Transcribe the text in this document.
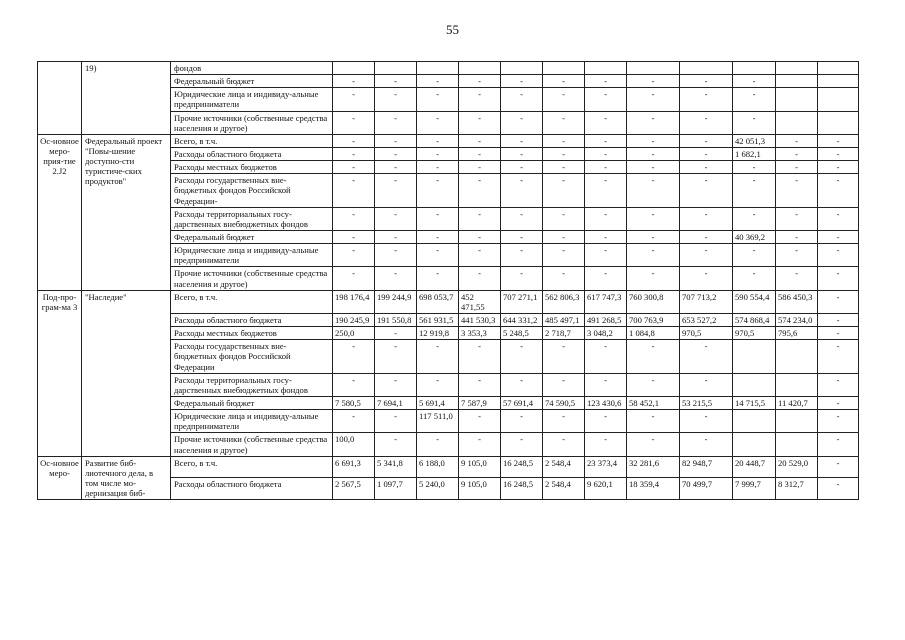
55
	19)	фондов													
		Федеральный бюджет	-	-	-	-	-	-	-	-	-	-			
		Юридические лица и индивиду-альные предприниматели	-	-	-	-	-	-	-	-	-	-			
		Прочие источники (собственные средства населения и другое)	-	-	-	-	-	-	-	-	-	-			
Ос-новное меро-прия-тие 2.J2	Федеральный проект "Повы-шение доступно-сти туристиче-ских продуктов"	Всего, в т.ч.	-	-	-	-	-	-	-	-	-	42 051,3	-	-	
		Расходы областного бюджета	-	-	-	-	-	-	-	-	-	1 682,1	-	-	
		Расходы местных бюджетов	-	-	-	-	-	-	-	-	-	-	-	-	
		Расходы государственных вне-бюджетных фондов Российской Федерации-	-	-	-	-	-	-	-	-	-	-	-	-	
		Расходы территориальных госу-дарственных внебюджетных фондов	-	-	-	-	-	-	-	-	-	-	-	-	
		Федеральный бюджет	-	-	-	-	-	-	-	-	-	40 369,2	-	-	
		Юридические лица и индивиду-альные предприниматели	-	-	-	-	-	-	-	-	-	-	-	-	
		Прочие источники (собственные средства населения и другое)	-	-	-	-	-	-	-	-	-	-	-	-	
Под-про-грам-ма 3	"Наследие"	Всего, в т.ч.	198 176,4	199 244,9	698 053,7	452 471,55	707 271,1	562 806,3	617 747,3	760 300,8	707 713,2	590 554,4	586 450,3	-	
		Расходы областного бюджета	190 245,9	191 550,8	561 931,5	441 530,3	644 331,2	485 497,1	491 268,5	700 763,9	653 527,2	574 868,4	574 234,0	-	
		Расходы местных бюджетов	250,0	-	12 919,8	3 353,3	5 248,5	2 718,7	3 048,2	1 084,8	970,5	970,5	795,6	-	
		Расходы государственных вне-бюджетных фондов Российской Федерации	-	-	-	-	-	-	-	-	-			-	
		Расходы территориальных госу-дарственных внебюджетных фондов	-	-	-	-	-	-	-	-	-			-	
		Федеральный бюджет	7 580,5	7 694,1	5 691,4	7 587,9	57 691,4	74 590,5	123 430,6	58 452,1	53 215,5	14 715,5	11 420,7	-	
		Юридические лица и индивиду-альные предприниматели	-	-	117 511,0	-	-	-	-	-	-			-	
		Прочие источники (собственные средства населения и другое)	100,0	-	-	-	-	-	-	-	-			-	
Ос-новное меро-	Развитие биб-лиотечного дела, в том числе мо-дернизация биб-	Всего, в т.ч.	6 691,3	5 341,8	6 188,0	9 105,0	16 248,5	2 548,4	23 373,4	32 281,6	82 948,7	20 448,7	20 529,0	-	
		Расходы областного бюджета	2 567,5	1 097,7	5 240,0	9 105,0	16 248,5	2 548,4	9 620,1	18 359,4	70 499,7	7 999,7	8 312,7	-	
